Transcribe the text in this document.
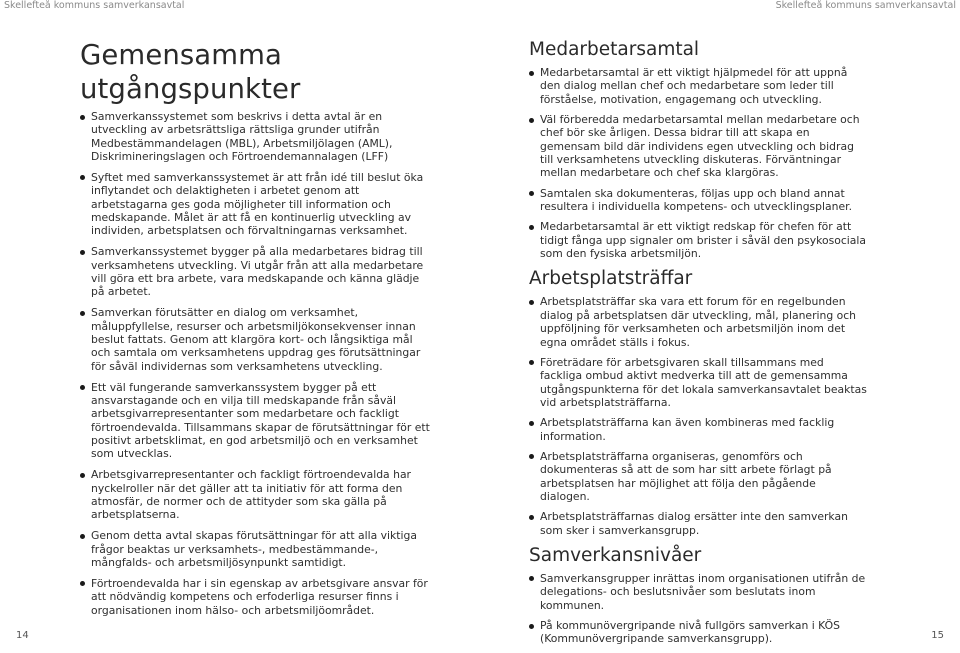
Skellefteå kommuns samverkansavtal	Skellefteå kommuns samverkansavtal
Gemensamma utgångspunkter
Samverkanssystemet som beskrivs i detta avtal är en utveckling av arbetsrättsliga rättsliga grunder utifrån Medbestämmandelagen (MBL), Arbetsmiljölagen (AML), Diskrimineringslagen och Förtroendemannalagen (LFF)
Syftet med samverkanssystemet är att från idé till beslut öka inflytandet och delaktigheten i arbetet genom att arbetstagarna ges goda möjligheter till information och medskapande. Målet är att få en kontinuerlig utveckling av individen, arbetsplatsen och förvaltningarnas verksamhet.
Samverkanssystemet bygger på alla medarbetares bidrag till verksamhetens utveckling. Vi utgår från att alla medarbetare vill göra ett bra arbete, vara medskapande och känna glädje på arbetet.
Samverkan förutsätter en dialog om verksamhet, måluppfyllelse, resurser och arbetsmiljökonsekvenser innan beslut fattats. Genom att klargöra kort- och långsiktiga mål och samtala om verksamhetens uppdrag ges förutsättningar för såväl individernas som verksamhetens utveckling.
Ett väl fungerande samverkanssystem bygger på ett ansvarstagande och en vilja till medskapande från såväl arbetsgivarrepresentanter som medarbetare och fackligt förtroendevalda. Tillsammans skapar de förutsättningar för ett positivt arbetsklimat, en god arbetsmiljö och en verksamhet som utvecklas.
Arbetsgivarrepresentanter och fackligt förtroendevalda har nyckelroller när det gäller att ta initiativ för att forma den atmosfär, de normer och de attityder som ska gälla på arbetsplatserna.
Genom detta avtal skapas förutsättningar för att alla viktiga frågor beaktas ur verksamhets-, medbestämmande-, mångfalds- och arbetsmiljösynpunkt samtidigt.
Förtroendevalda har i sin egenskap av arbetsgivare ansvar för att nödvändig kompetens och erfoderliga resurser finns i organisationen inom hälso- och arbetsmiljöområdet.
Medarbetarsamtal
Medarbetarsamtal är ett viktigt hjälpmedel för att uppnå den dialog mellan chef och medarbetare som leder till förståelse, motivation, engagemang och utveckling.
Väl förberedda medarbetarsamtal mellan medarbetare och chef bör ske årligen. Dessa bidrar till att skapa en gemensam bild där individens egen utveckling och bidrag till verksamhetens utveckling diskuteras. Förväntningar mellan medarbetare och chef ska klargöras.
Samtalen ska dokumenteras, följas upp och bland annat resultera i individuella kompetens- och utvecklingsplaner.
Medarbetarsamtal är ett viktigt redskap för chefen för att tidigt fånga upp signaler om brister i såväl den psykosociala som den fysiska arbetsmiljön.
Arbetsplatsträffar
Arbetsplatsträffar ska vara ett forum för en regelbunden dialog på arbetsplatsen där utveckling, mål, planering och uppföljning för verksamheten och arbetsmiljön inom det egna området ställs i fokus.
Företrädare för arbetsgivaren skall tillsammans med fackliga ombud aktivt medverka till att de gemensamma utgångspunkterna för det lokala samverkansavtalet beaktas vid arbetsplatsträffarna.
Arbetsplatsträffarna kan även kombineras med facklig information.
Arbetsplatsträffarna organiseras, genomförs och dokumenteras så att de som har sitt arbete förlagt på arbetsplatsen har möjlighet att följa den pågående dialogen.
Arbetsplatsträffarnas dialog ersätter inte den samverkan som sker i samverkansgrupp.
Samverkansnivåer
Samverkansgrupper inrättas inom organisationen utifrån de delegations- och beslutsnivåer som beslutats inom kommunen.
På kommunövergripande nivå fullgörs samverkan i KÖS (Kommunövergripande samverkansgrupp).
14	15
